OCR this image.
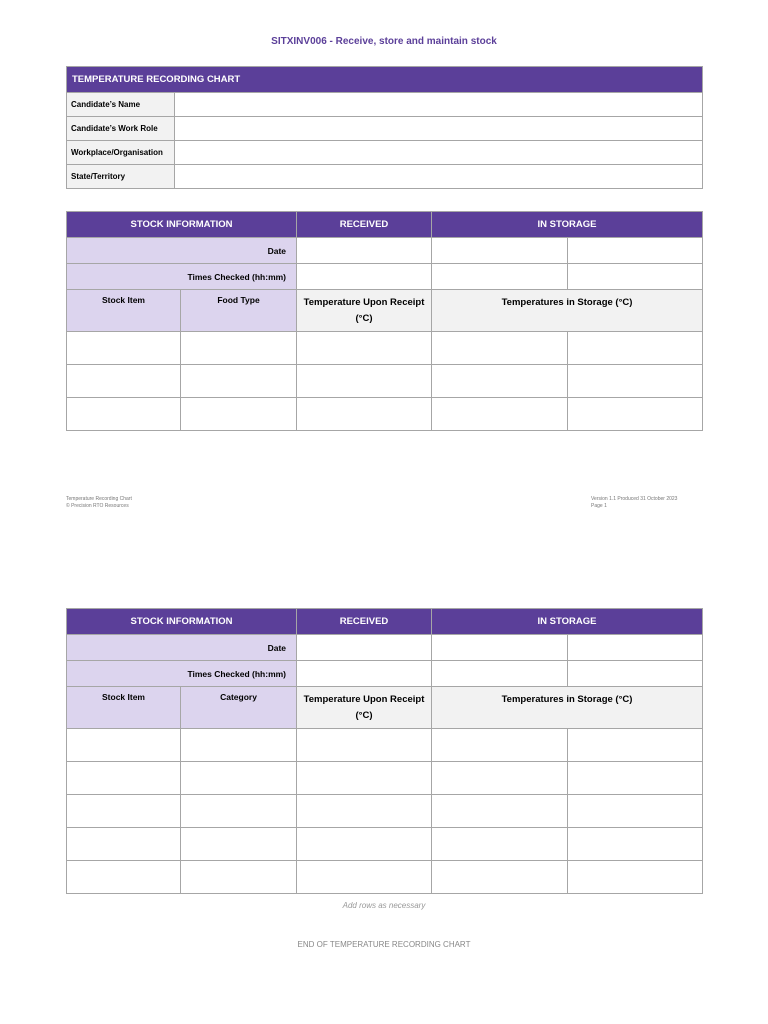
SITXINV006 - Receive, store and maintain stock
TEMPERATURE RECORDING CHART	
Candidate’s Name	
Candidate’s Work Role	
Workplace/Organisation	
State/Territory	
STOCK INFORMATION		RECEIVED	IN STORAGE	
Date				
Times Checked (hh:mm)				
Stock Item	Food Type	Temperature Upon Receipt (°C)	Temperatures in Storage (°C)	

Temperature Recording Chart
© Precision RTO Resources
Version 1.1 Produced 31 October 2023
Page 1
STOCK INFORMATION		RECEIVED	IN STORAGE	
Date				
Times Checked (hh:mm)				
Stock Item	Category	Temperature Upon Receipt (°C)	Temperatures in Storage (°C)	

Add rows as necessary
END OF TEMPERATURE RECORDING CHART
